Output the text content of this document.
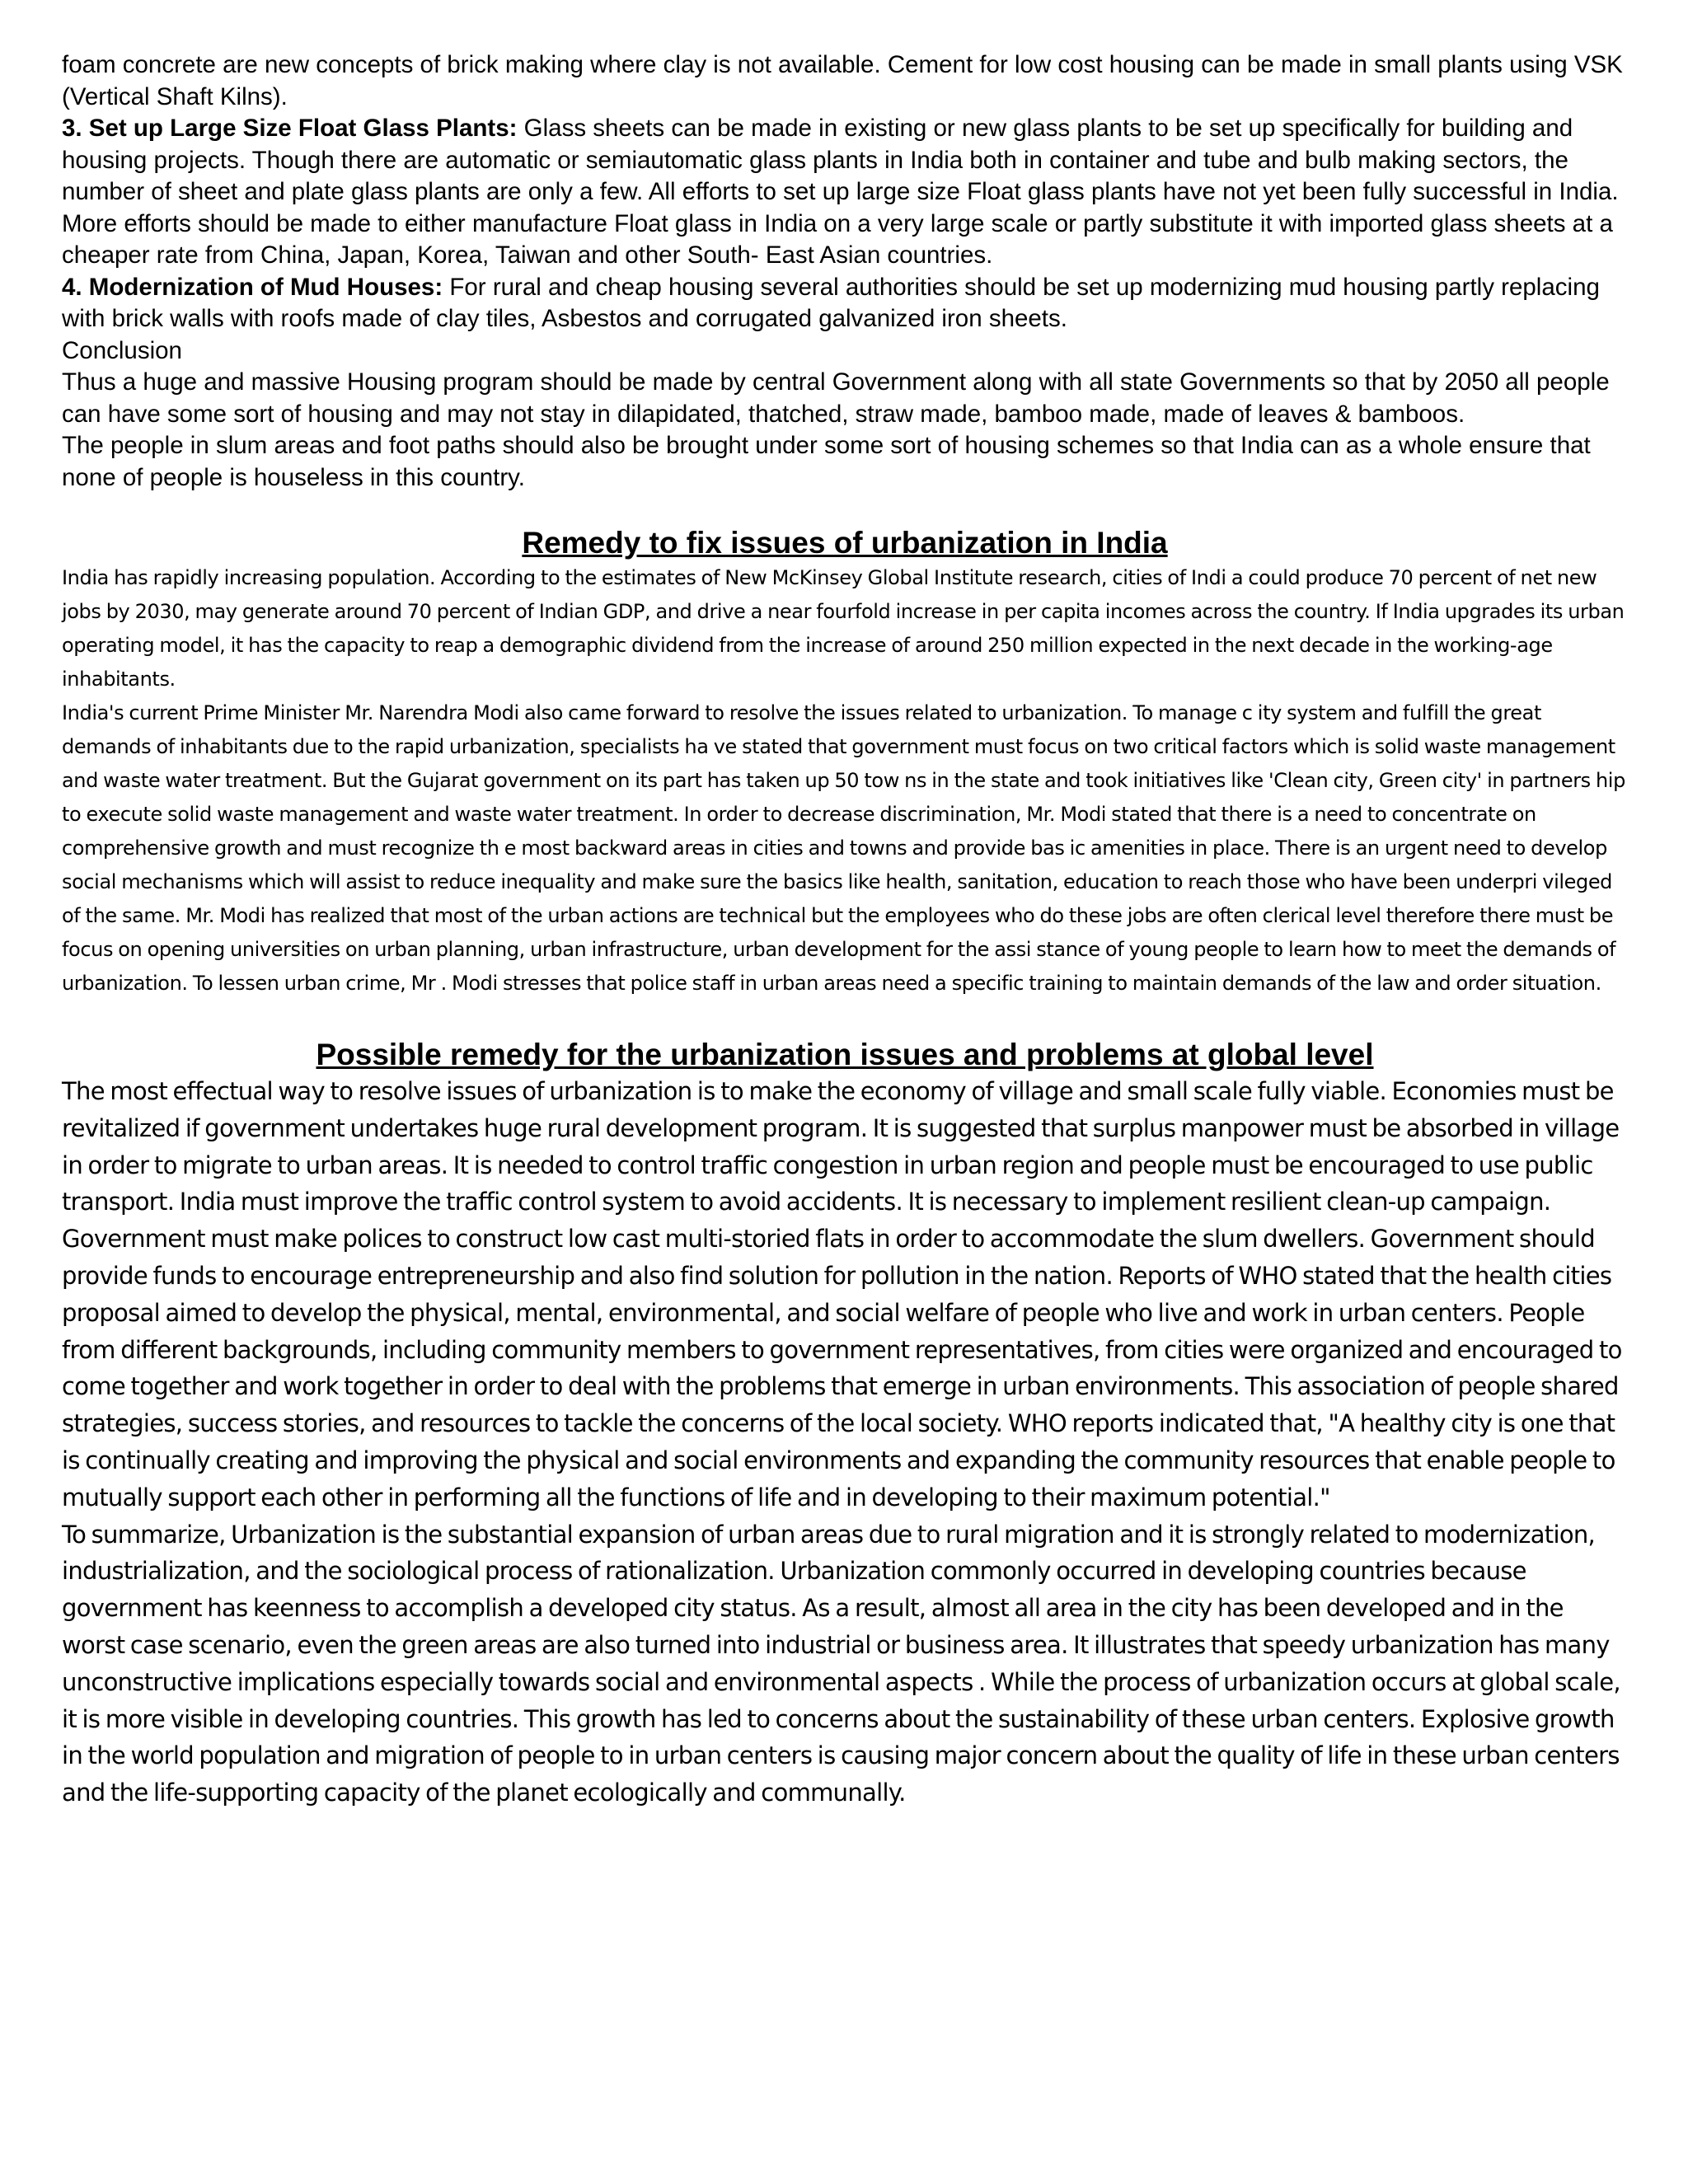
foam concrete are new concepts of brick making where clay is not available. Cement for low cost housing can be made in small plants using VSK (Vertical Shaft Kilns).

3. Set up Large Size Float Glass Plants: Glass sheets can be made in existing or new glass plants to be set up specifically for building and housing projects. Though there are automatic or semiautomatic glass plants in India both in container and tube and bulb making sectors, the number of sheet and plate glass plants are only a few. All efforts to set up large size Float glass plants have not yet been fully successful in India. More efforts should be made to either manufacture Float glass in India on a very large scale or partly substitute it with imported glass sheets at a cheaper rate from China, Japan, Korea, Taiwan and other South- East Asian countries.

4. Modernization of Mud Houses: For rural and cheap housing several authorities should be set up modernizing mud housing partly replacing with brick walls with roofs made of clay tiles, Asbestos and corrugated galvanized iron sheets.

Conclusion

Thus a huge and massive Housing program should be made by central Government along with all state Governments so that by 2050 all people can have some sort of housing and may not stay in dilapidated, thatched, straw made, bamboo made, made of leaves & bamboos.

The people in slum areas and foot paths should also be brought under some sort of housing schemes so that India can as a whole ensure that none of people is houseless in this country.

Remedy to fix issues of urbanization in India

India has rapidly increasing population. According to the estimates of New McKinsey Global Institute research, cities of Indi a could produce 70 percent of net new jobs by 2030, may generate around 70 percent of Indian GDP, and drive a near fourfold increase in per capita incomes across the country. If India upgrades its urban operating model, it has the capacity to reap a demographic dividend from the increase of around 250 million expected in the next decade in the working-age inhabitants.

India's current Prime Minister Mr. Narendra Modi also came forward to resolve the issues related to urbanization. To manage c ity system and fulfill the great demands of inhabitants due to the rapid urbanization, specialists ha ve stated that government must focus on two critical factors which is solid waste management and waste water treatment. But the Gujarat government on its part has taken up 50 tow ns in the state and took initiatives like 'Clean city, Green city' in partners hip to execute solid waste management and waste water treatment. In order to decrease discrimination, Mr. Modi stated that there is a need to concentrate on comprehensive growth and must recognize th e most backward areas in cities and towns and provide bas ic amenities in place. There is an urgent need to develop social mechanisms which will assist to reduce inequality and make sure the basics like health, sanitation, education to reach those who have been underpri vileged of the same. Mr. Modi has realized that most of the urban actions are technical but the employees who do these jobs are often clerical level therefore there must be focus on opening universities on urban planning, urban infrastructure, urban development for the assi stance of young people to learn how to meet the demands of urbanization. To lessen urban crime, Mr . Modi stresses that police staff in urban areas need a specific training to maintain demands of the law and order situation.

Possible remedy for the urbanization issues and problems at global level

The most effectual way to resolve issues of urbanization is to make the economy of village and small scale fully viable. Economies must be revitalized if government undertakes huge rural development program. It is suggested that surplus manpower must be absorbed in village in order to migrate to urban areas. It is needed to control traffic congestion in urban region and people must be encouraged to use public transport. India must improve the traffic control system to avoid accidents. It is necessary to implement resilient clean-up campaign. Government must make polices to construct low cast multi-storied flats in order to accommodate the slum dwellers. Government should provide funds to encourage entrepreneurship and also find solution for pollution in the nation. Reports of WHO stated that the health cities proposal aimed to develop the physical, mental, environmental, and social welfare of people who live and work in urban centers. People from different backgrounds, including community members to government representatives, from cities were organized and encouraged to come together and work together in order to deal with the problems that emerge in urban environments. This association of people shared strategies, success stories, and resources to tackle the concerns of the local society. WHO reports indicated that, "A healthy city is one that is continually creating and improving the physical and social environments and expanding the community resources that enable people to mutually support each other in performing all the functions of life and in developing to their maximum potential."

To summarize, Urbanization is the substantial expansion of urban areas due to rural migration and it is strongly related to modernization, industrialization, and the sociological process of rationalization. Urbanization commonly occurred in developing countries because government has keenness to accomplish a developed city status. As a result, almost all area in the city has been developed and in the worst case scenario, even the green areas are also turned into industrial or business area. It illustrates that speedy urbanization has many unconstructive implications especially towards social and environmental aspects . While the process of urbanization occurs at global scale, it is more visible in developing countries. This growth has led to concerns about the sustainability of these urban centers. Explosive growth in the world population and migration of people to in urban centers is causing major concern about the quality of life in these urban centers and the life-supporting capacity of the planet ecologically and communally.
